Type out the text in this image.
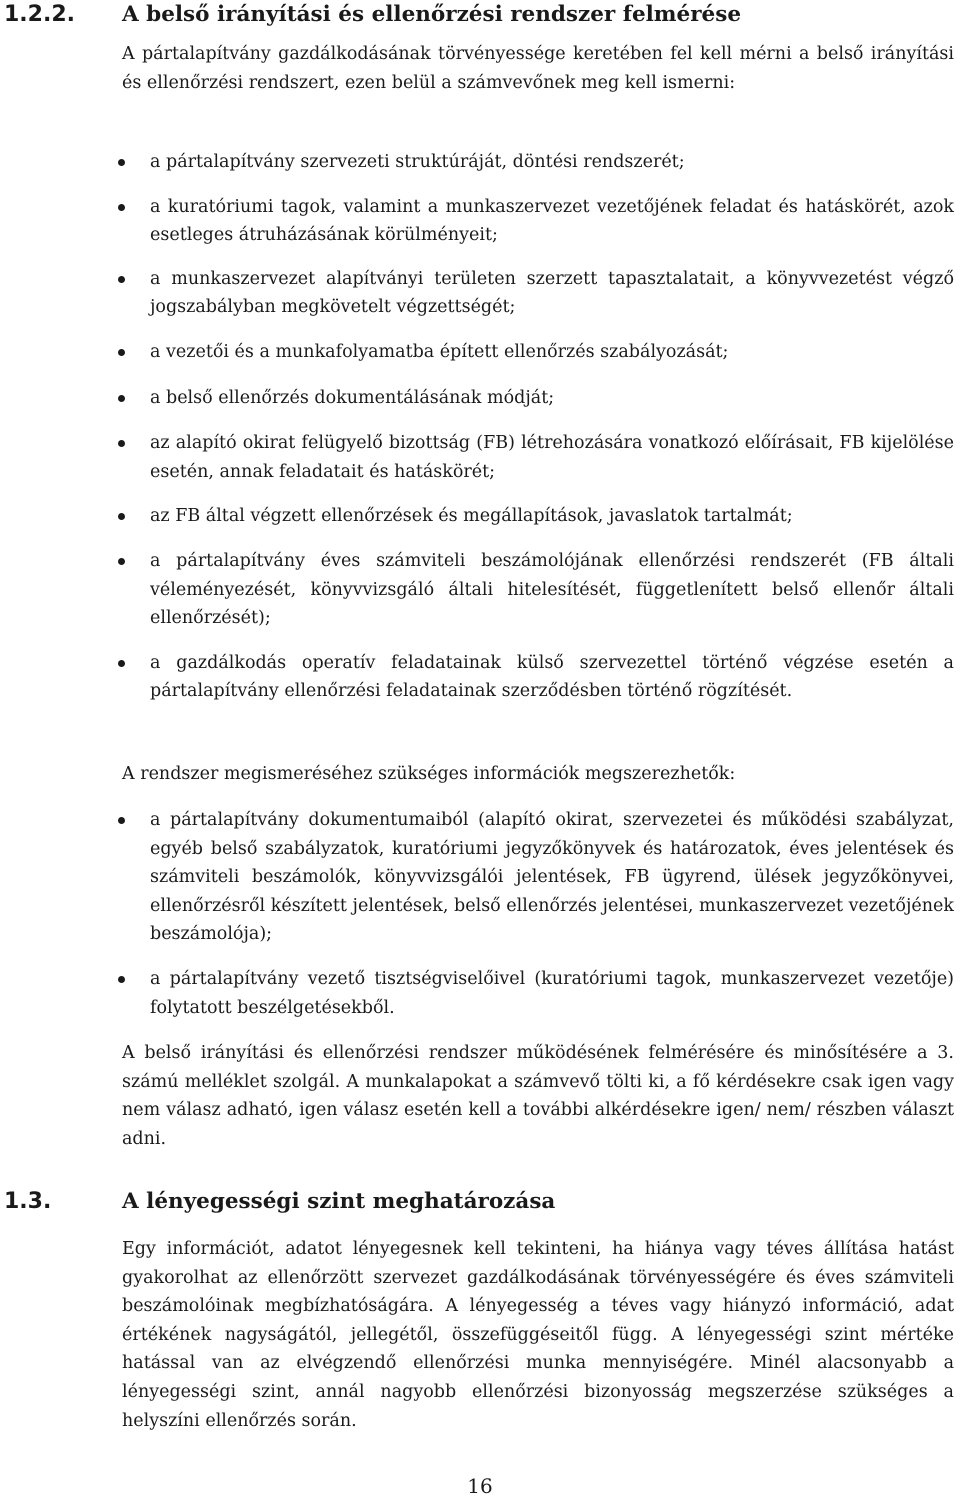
1.2.2. A belső irányítási és ellenőrzési rendszer felmérése

A pártalapítvány gazdálkodásának törvényessége keretében fel kell mérni a belső irányítási és ellenőrzési rendszert, ezen belül a számvevőnek meg kell ismerni:

a pártalapítvány szervezeti struktúráját, döntési rendszerét;
a kuratóriumi tagok, valamint a munkaszervezet vezetőjének feladat és hatáskörét, azok esetleges átruházásának körülményeit;
a munkaszervezet alapítványi területen szerzett tapasztalatait, a könyvvezetést végző jogszabályban megkövetelt végzettségét;
a vezetői és a munkafolyamatba épített ellenőrzés szabályozását;
a belső ellenőrzés dokumentálásának módját;
az alapító okirat felügyelő bizottság (FB) létrehozására vonatkozó előírásait, FB kijelölése esetén, annak feladatait és hatáskörét;
az FB által végzett ellenőrzések és megállapítások, javaslatok tartalmát;
a pártalapítvány éves számviteli beszámolójának ellenőrzési rendszerét (FB általi véleményezését, könyvvizsgáló általi hitelesítését, függetlenített belső ellenőr általi ellenőrzését);
a gazdálkodás operatív feladatainak külső szervezettel történő végzése esetén a pártalapítvány ellenőrzési feladatainak szerződésben történő rögzítését.

A rendszer megismeréséhez szükséges információk megszerezhetők:

a pártalapítvány dokumentumaiból (alapító okirat, szervezetei és működési szabályzat, egyéb belső szabályzatok, kuratóriumi jegyzőkönyvek és határozatok, éves jelentések és számviteli beszámolók, könyvvizsgálói jelentések, FB ügyrend, ülések jegyzőkönyvei, ellenőrzésről készített jelentések, belső ellenőrzés jelentései, munkaszervezet vezetőjének beszámolója);
a pártalapítvány vezető tisztségviselőivel (kuratóriumi tagok, munkaszervezet vezetője) folytatott beszélgetésekből.

A belső irányítási és ellenőrzési rendszer működésének felmérésére és minősítésére a 3. számú melléklet szolgál. A munkalapokat a számvevő tölti ki, a fő kérdésekre csak igen vagy nem válasz adható, igen válasz esetén kell a további alkérdésekre igen/ nem/ részben választ adni.

1.3.	A lényegességi szint meghatározása

Egy információt, adatot lényegesnek kell tekinteni, ha hiánya vagy téves állítása hatást gyakorolhat az ellenőrzött szervezet gazdálkodásának törvényességére és éves számviteli beszámolóinak megbízhatóságára. A lényegesség a téves vagy hiányzó információ, adat értékének nagyságától, jellegétől, összefüggéseitől függ. A lényegességi szint mértéke hatással van az elvégzendő ellenőrzési munka mennyiségére. Minél alacsonyabb a lényegességi szint, annál nagyobb ellenőrzési bizonyosság megszerzése szükséges a helyszíni ellenőrzés során.

16
